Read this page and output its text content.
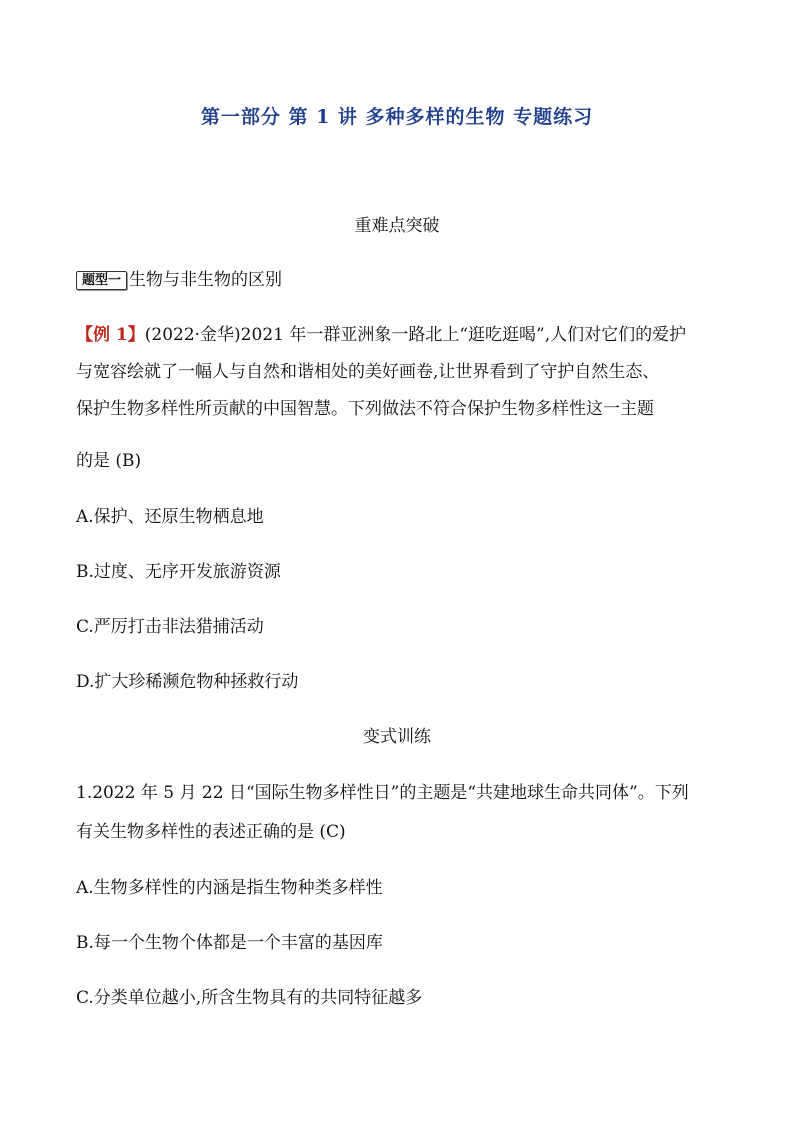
第一部分 第 1 讲 多种多样的生物 专题练习
重难点突破
题型一 生物与非生物的区别
【例 1】(2022·金华)2021 年一群亚洲象一路北上“逛吃逛喝”,人们对它们的爱护
与宽容绘就了一幅人与自然和谐相处的美好画卷,让世界看到了守护自然生态、
保护生物多样性所贡献的中国智慧。下列做法不符合保护生物多样性这一主题
的是 (B)
A.保护、还原生物栖息地
B.过度、无序开发旅游资源
C.严厉打击非法猎捕活动
D.扩大珍稀濒危物种拯救行动
变式训练
1.2022 年 5 月 22 日“国际生物多样性日”的主题是“共建地球生命共同体”。下列
有关生物多样性的表述正确的是 (C)
A.生物多样性的内涵是指生物种类多样性
B.每一个生物个体都是一个丰富的基因库
C.分类单位越小,所含生物具有的共同特征越多
